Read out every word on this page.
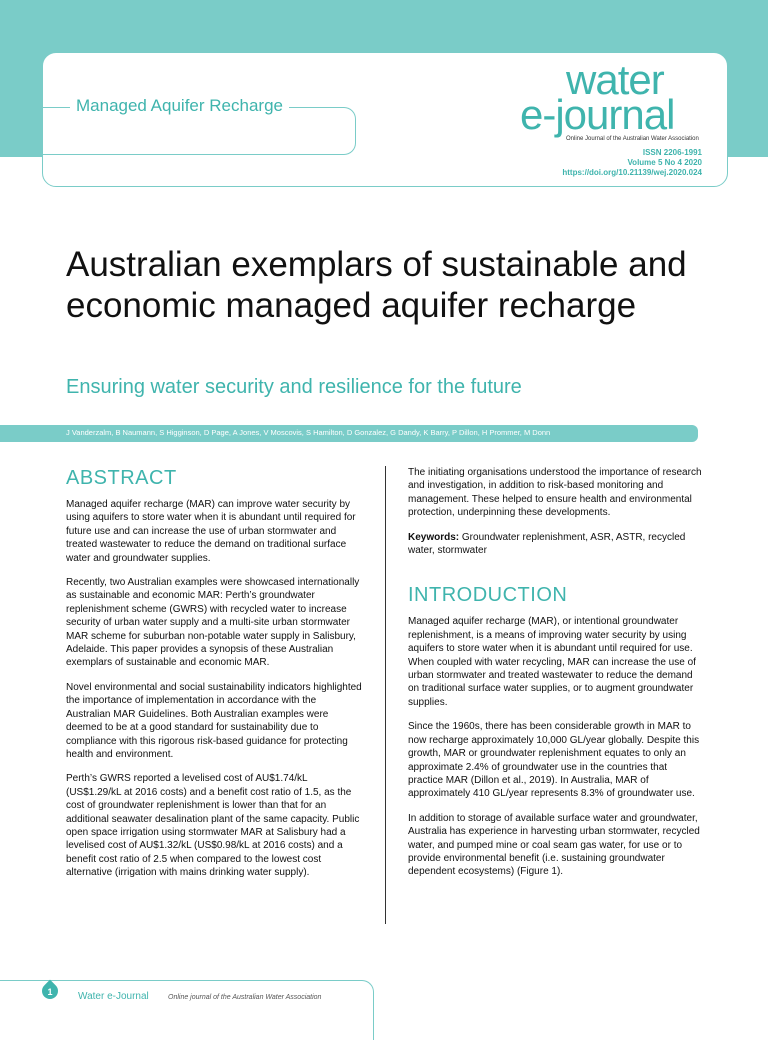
Managed Aquifer Recharge
water
e-journal
Online Journal of the Australian Water Association
ISSN 2206-1991
Volume 5 No 4 2020
https://doi.org/10.21139/wej.2020.024
Australian exemplars of sustainable and economic managed aquifer recharge
Ensuring water security and resilience for the future
J Vanderzalm, B Naumann, S Higginson, D Page, A Jones, V Moscovis, S Hamilton, D Gonzalez, G Dandy, K Barry, P Dillon, H Prommer, M Donn
ABSTRACT

Managed aquifer recharge (MAR) can improve water security by using aquifers to store water when it is abundant until required for future use and can increase the use of urban stormwater and treated wastewater to reduce the demand on traditional surface water and groundwater supplies.

Recently, two Australian examples were showcased internationally as sustainable and economic MAR: Perth’s groundwater replenishment scheme (GWRS) with recycled water to increase security of urban water supply and a multi-site urban stormwater MAR scheme for suburban non-potable water supply in Salisbury, Adelaide. This paper provides a synopsis of these Australian exemplars of sustainable and economic MAR.

Novel environmental and social sustainability indicators highlighted the importance of implementation in accordance with the Australian MAR Guidelines. Both Australian examples were deemed to be at a good standard for sustainability due to compliance with this rigorous risk-based guidance for protecting health and environment.

Perth’s GWRS reported a levelised cost of AU$1.74/kL (US$1.29/kL at 2016 costs) and a benefit cost ratio of 1.5, as the cost of groundwater replenishment is lower than that for an additional seawater desalination plant of the same capacity. Public open space irrigation using stormwater MAR at Salisbury had a levelised cost of AU$1.32/kL (US$0.98/kL at 2016 costs) and a benefit cost ratio of 2.5 when compared to the lowest cost alternative (irrigation with mains drinking water supply).

The initiating organisations understood the importance of research and investigation, in addition to risk-based monitoring and management. These helped to ensure health and environmental protection, underpinning these developments.

Keywords: Groundwater replenishment, ASR, ASTR, recycled water, stormwater

INTRODUCTION

Managed aquifer recharge (MAR), or intentional groundwater replenishment, is a means of improving water security by using aquifers to store water when it is abundant until required for use. When coupled with water recycling, MAR can increase the use of urban stormwater and treated wastewater to reduce the demand on traditional surface water supplies, or to augment groundwater supplies.

Since the 1960s, there has been considerable growth in MAR to now recharge approximately 10,000 GL/year globally. Despite this growth, MAR or groundwater replenishment equates to only an approximate 2.4% of groundwater use in the countries that practice MAR (Dillon et al., 2019). In Australia, MAR of approximately 410 GL/year represents 8.3% of groundwater use.

In addition to storage of available surface water and groundwater, Australia has experience in harvesting urban stormwater, recycled water, and pumped mine or coal seam gas water, for use or to provide environmental benefit (i.e. sustaining groundwater dependent ecosystems) (Figure 1).

1	Water e-Journal	Online journal of the Australian Water Association
